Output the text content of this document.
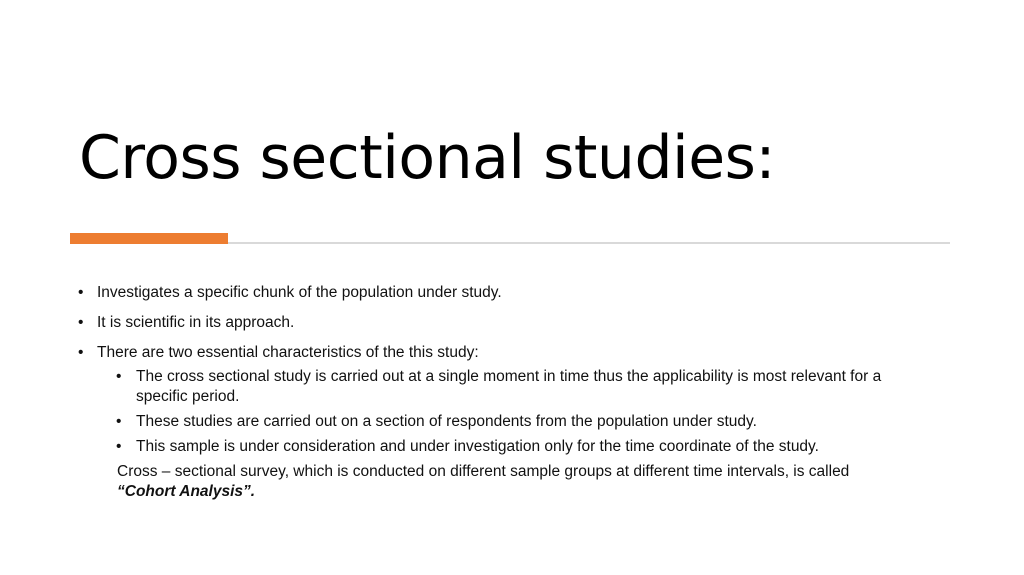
Cross sectional studies:
• Investigates a specific chunk of the population under study.
• It is scientific in its approach.
• There are two essential characteristics of the this study:
• The cross sectional study is carried out at a single moment in time thus the applicability is most relevant for a specific period.
• These studies are carried out on a section of respondents from the population under study.
• This sample is under consideration and under investigation only for the time coordinate of the study.
Cross – sectional survey, which is conducted on different sample groups at different time intervals, is called
“Cohort Analysis”.
